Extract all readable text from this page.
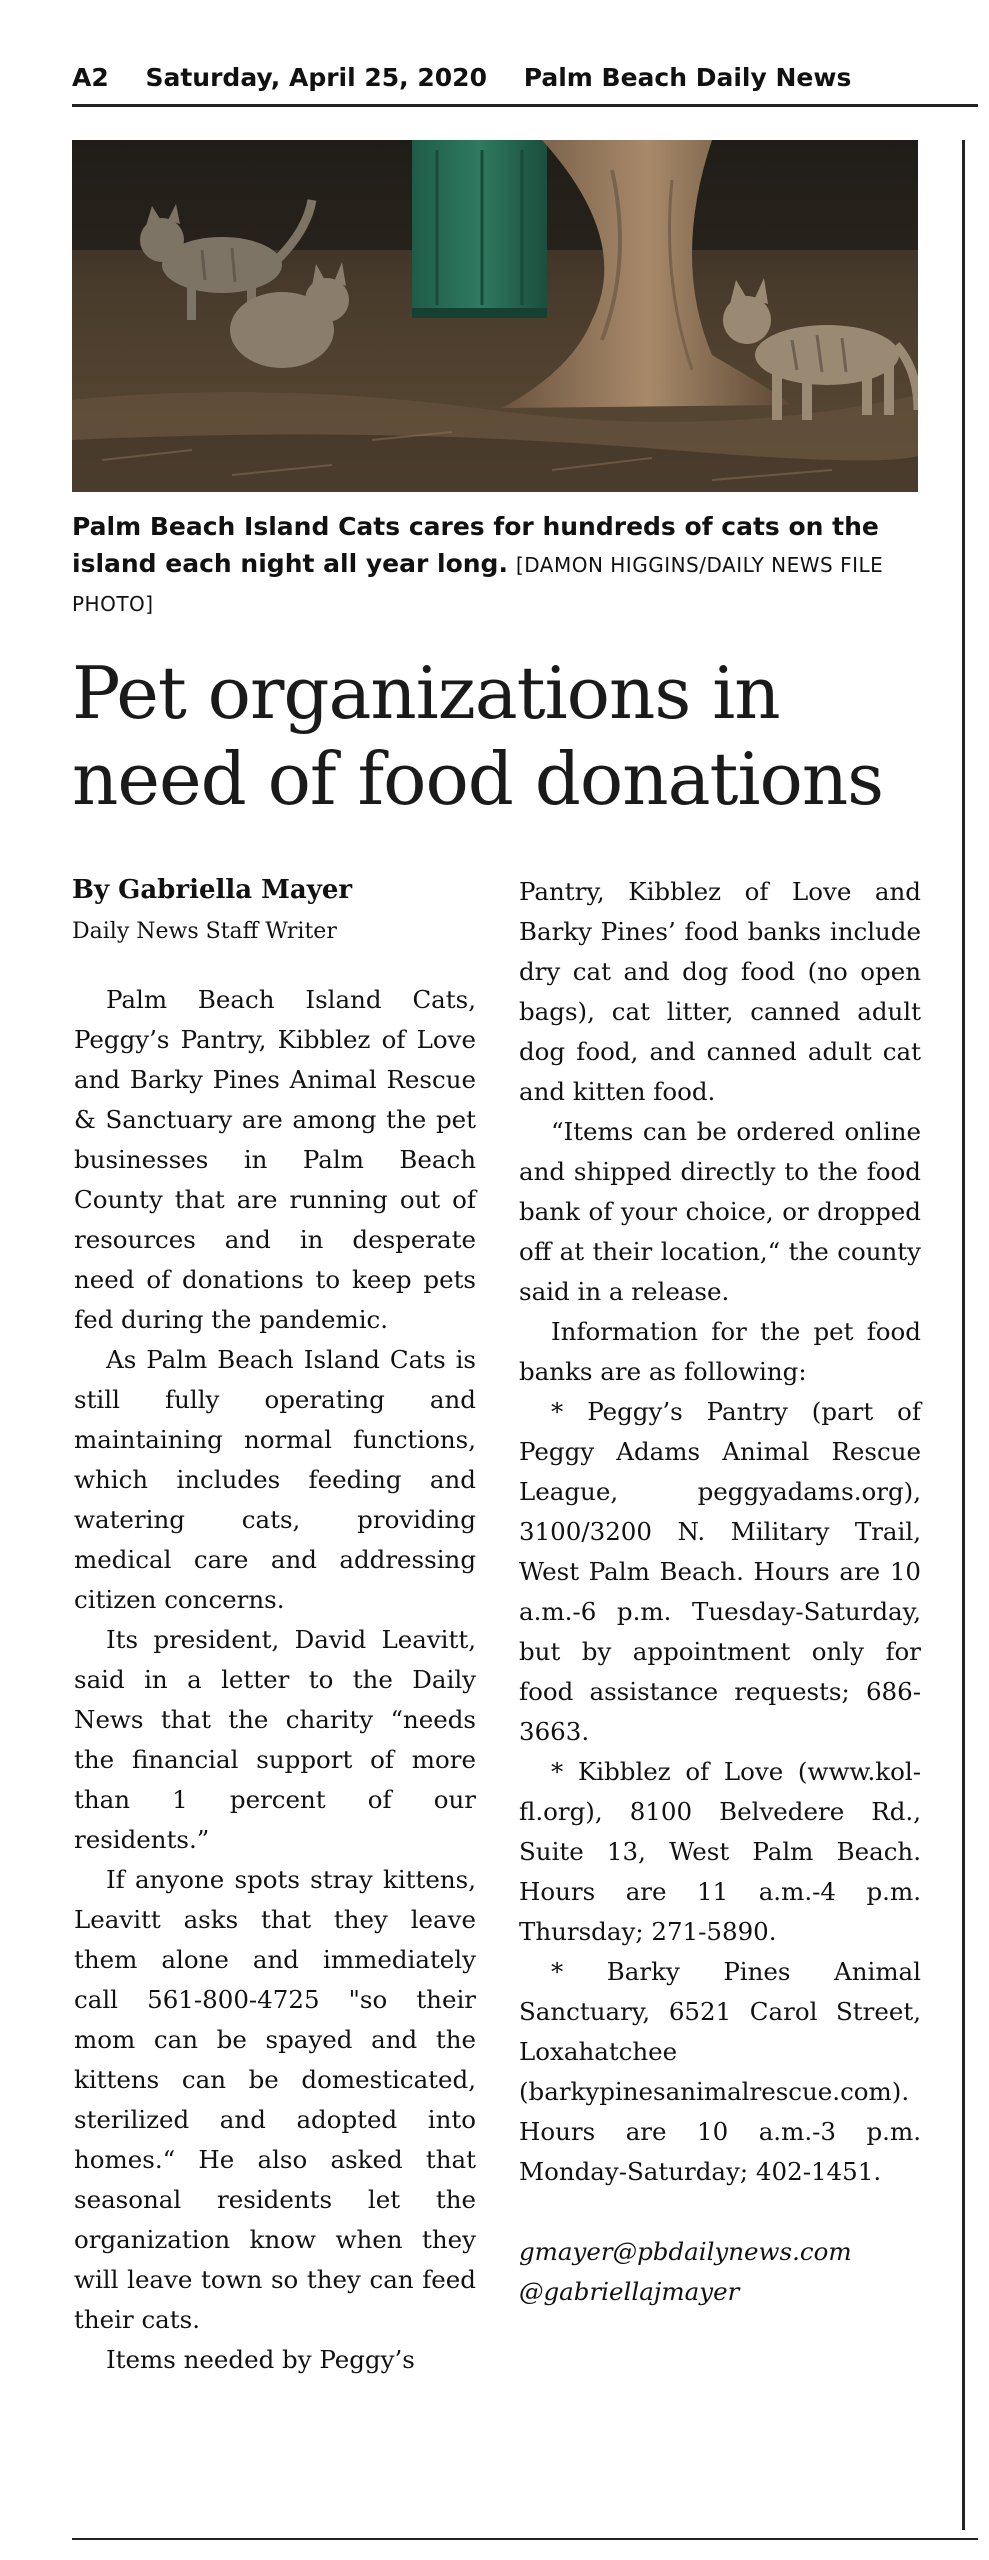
A2 Saturday, April 25, 2020 Palm Beach Daily News
Palm Beach Island Cats cares for hundreds of cats on the island each night all year long. [DAMON HIGGINS/DAILY NEWS FILE PHOTO]
Pet organizations in need of food donations
By Gabriella Mayer
Daily News Staff Writer

Palm Beach Island Cats, Peggy’s Pantry, Kibblez of Love and Barky Pines Animal Rescue & Sanctuary are among the pet businesses in Palm Beach County that are running out of resources and in desperate need of donations to keep pets fed during the pandemic.

As Palm Beach Island Cats is still fully operating and maintaining normal functions, which includes feeding and watering cats, providing medical care and addressing citizen concerns.

Its president, David Leavitt, said in a letter to the Daily News that the charity “needs the financial support of more than 1 percent of our residents.”

If anyone spots stray kittens, Leavitt asks that they leave them alone and immediately call 561-800-4725 "so their mom can be spayed and the kittens can be domesticated, sterilized and adopted into homes.“ He also asked that seasonal residents let the organization know when they will leave town so they can feed their cats.

Items needed by Peggy’s

Pantry, Kibblez of Love and Barky Pines’ food banks include dry cat and dog food (no open bags), cat litter, canned adult dog food, and canned adult cat and kitten food.

“Items can be ordered online and shipped directly to the food bank of your choice, or dropped off at their location,“ the county said in a release.

Information for the pet food banks are as following:

* Peggy’s Pantry (part of Peggy Adams Animal Rescue League, peggyadams.org), 3100/3200 N. Military Trail, West Palm Beach. Hours are 10 a.m.-6 p.m. Tuesday-Saturday, but by appointment only for food assistance requests; 686-3663.

* Kibblez of Love (www.kol-fl.org), 8100 Belvedere Rd., Suite 13, West Palm Beach. Hours are 11 a.m.-4 p.m. Thursday; 271-5890.

* Barky Pines Animal Sanctuary, 6521 Carol Street, Loxahatchee (barkypinesanimalrescue.com). Hours are 10 a.m.-3 p.m. Monday-Saturday; 402-1451.

gmayer@pbdailynews.com

@gabriellajmayer
